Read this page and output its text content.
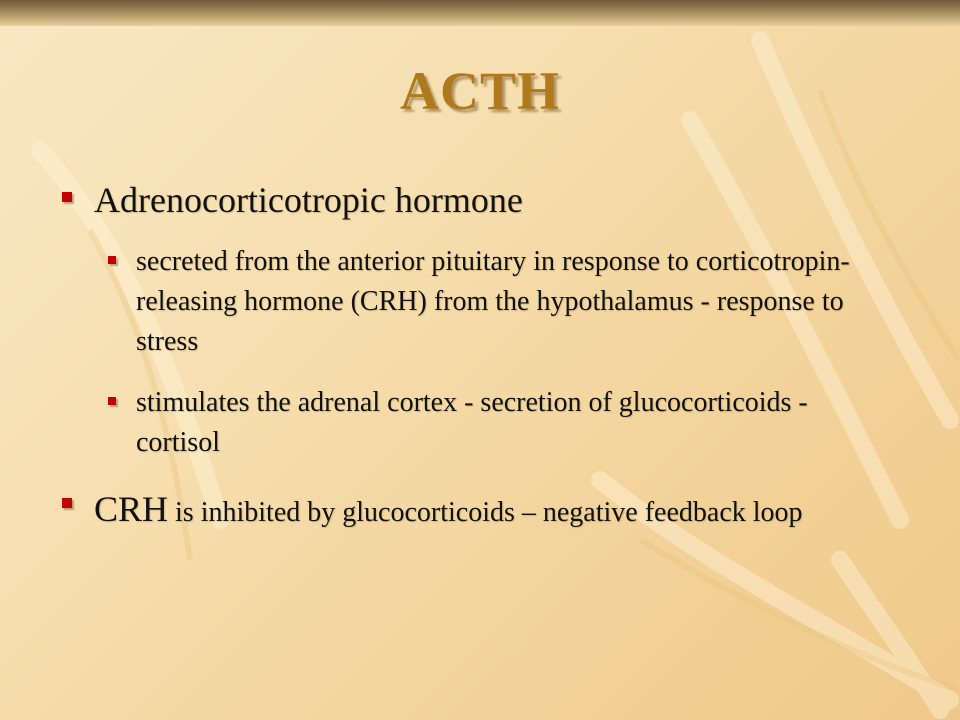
ACTH
Adrenocorticotropic hormone
secreted from the anterior pituitary in response to corticotropin-releasing hormone (CRH) from the hypothalamus - response to stress
stimulates the adrenal cortex - secretion of glucocorticoids - cortisol
CRH is inhibited by glucocorticoids – negative feedback loop
